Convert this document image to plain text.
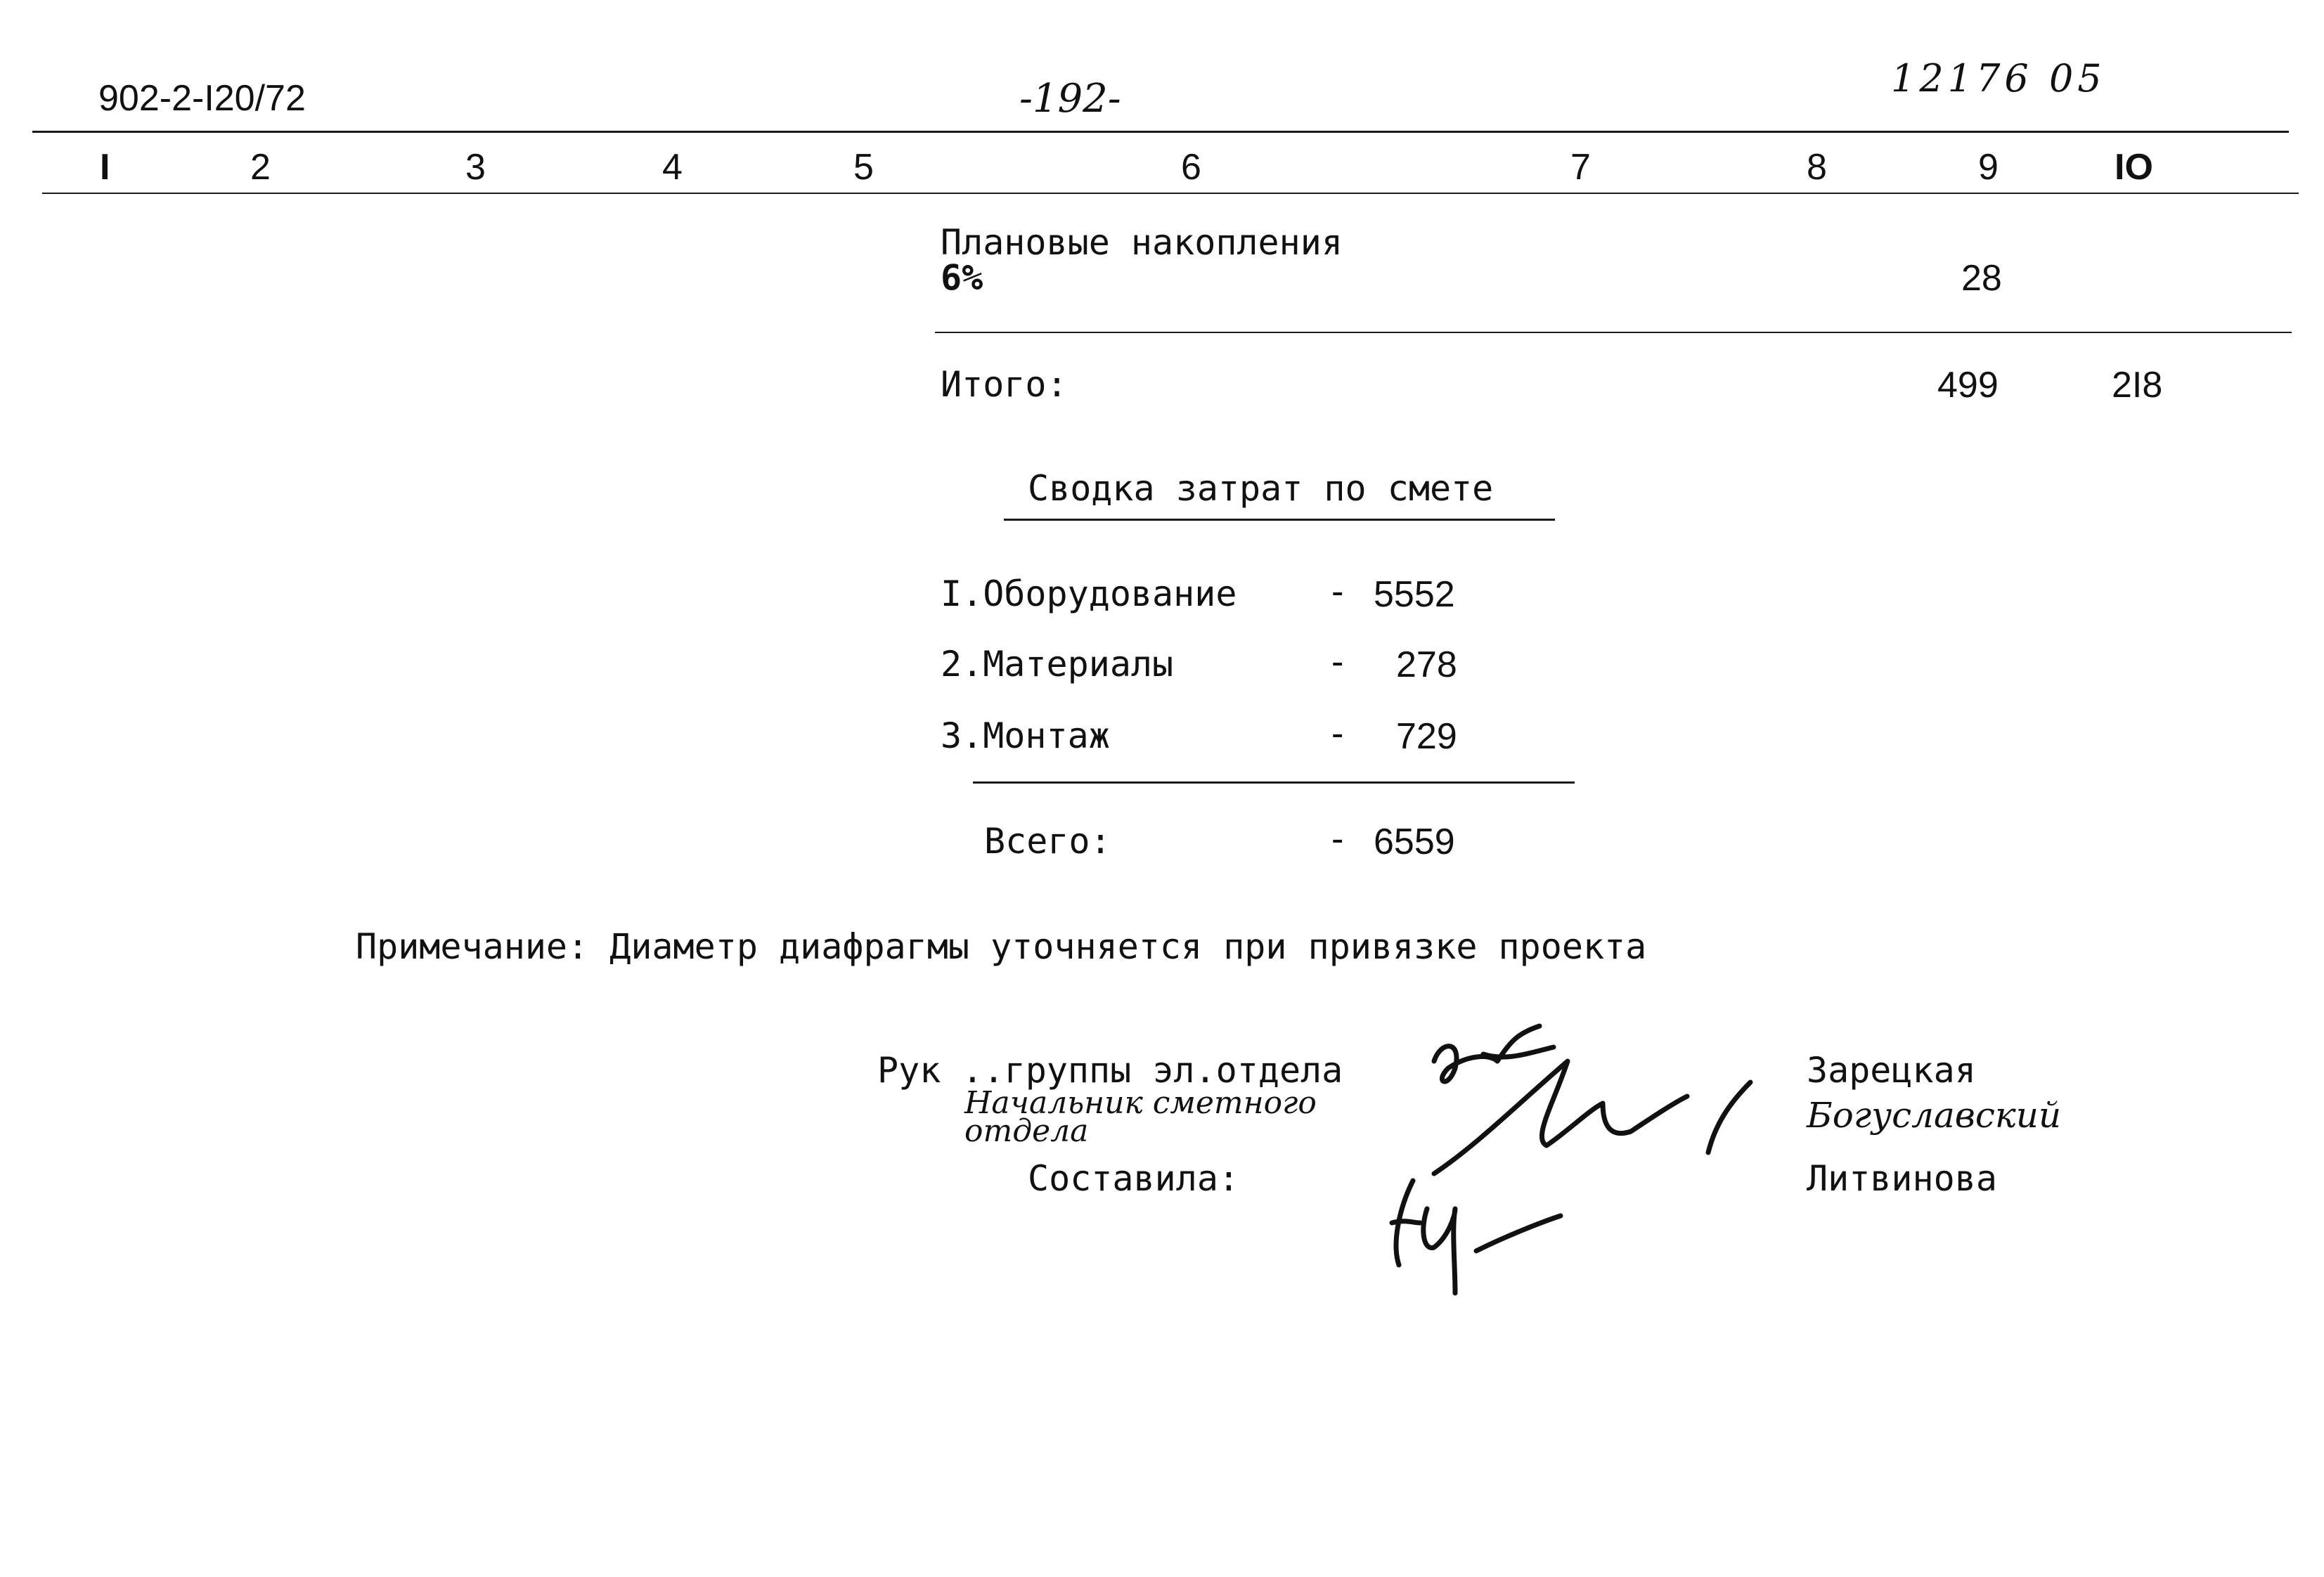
902-2-I20/72	-192-	12176 05
I	2	3	4	5	6	7	8	9	IO
Плановые накопления
6%	28
Итого:	499	2I8
Сводка затрат по смете
I.Оборудование	- 5552
2.Материалы	- 278
3.Монтаж	- 729
Всего:	- 6559
Примечание: Диаметр диафрагмы уточняется при привязке проекта
Рук ..группы эл.отдела
Начальник сметного отдела
Составила:
Зарецкая
Богуславский
Литвинова
